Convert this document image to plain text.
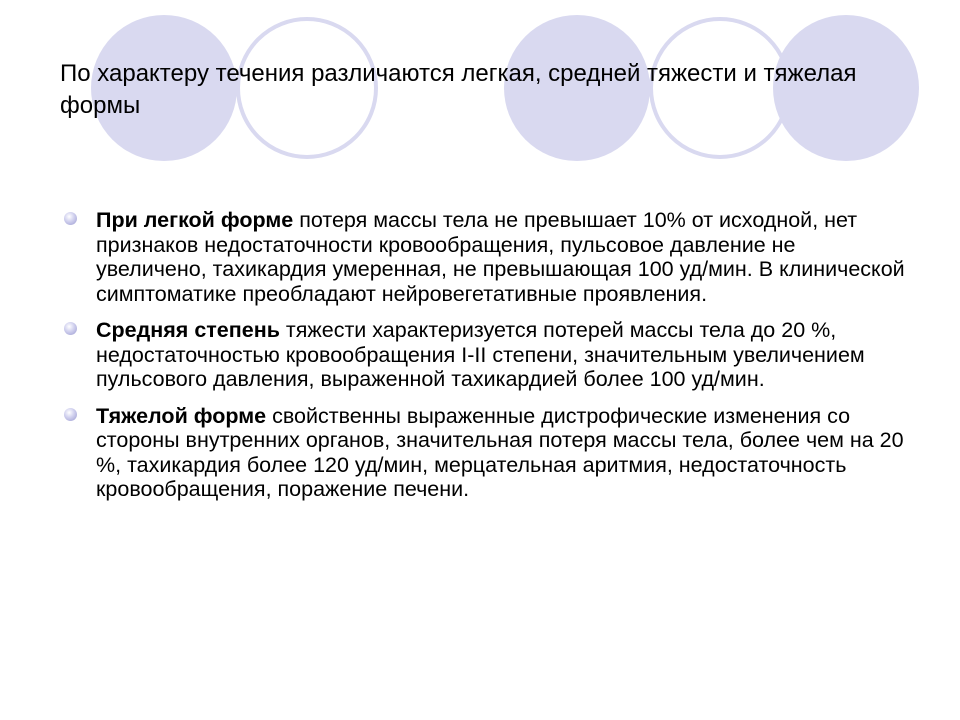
По характеру течения различаются легкая, средней тяжести и тяжелая формы
При легкой форме потеря массы тела не превышает 10% от исходной, нет признаков недостаточности кровообращения, пульсовое давление не увеличено, тахикардия умеренная, не превышающая 100 уд/мин. В клинической симптоматике преобладают нейровегетативные проявления.
Средняя степень тяжести характеризуется потерей массы тела до 20 %, недостаточностью кровообращения I-II степени, значительным увеличением пульсового давления, выраженной тахикардией более 100 уд/мин.
Тяжелой форме свойственны выраженные дистрофические изменения со стороны внутренних органов, значительная потеря массы тела, более чем на 20 %, тахикардия более 120 уд/мин, мерцательная аритмия, недостаточность кровообращения, поражение печени.
